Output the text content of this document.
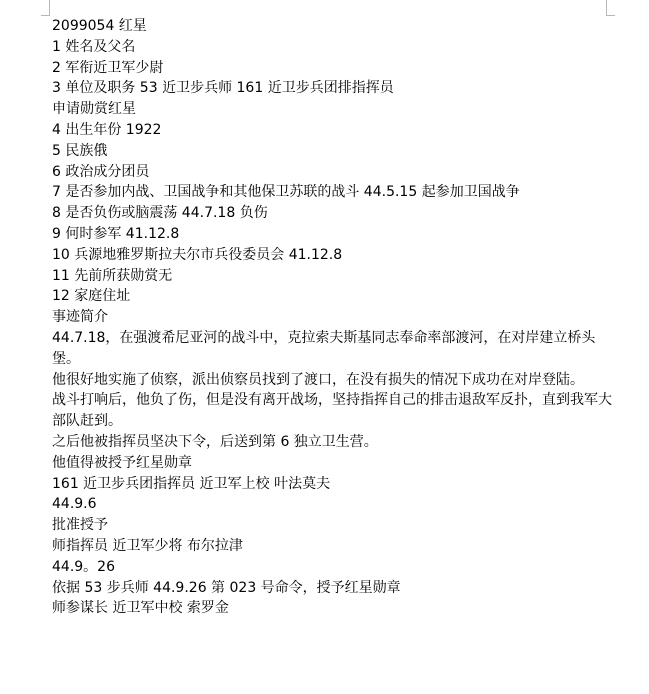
2099054 红星
1 姓名及父名
2 军衔近卫军少尉
3 单位及职务 53 近卫步兵师 161 近卫步兵团排指挥员
申请勋赏红星
4 出生年份 1922
5 民族俄
6 政治成分团员
7 是否参加内战、卫国战争和其他保卫苏联的战斗 44.5.15 起参加卫国战争
8 是否负伤或脑震荡 44.7.18 负伤
9 何时参军 41.12.8
10 兵源地雅罗斯拉夫尔市兵役委员会 41.12.8
11 先前所获勋赏无
12 家庭住址
事迹简介
44.7.18，在强渡希尼亚河的战斗中，克拉索夫斯基同志奉命率部渡河，在对岸建立桥头堡。
他很好地实施了侦察，派出侦察员找到了渡口，在没有损失的情况下成功在对岸登陆。
战斗打响后，他负了伤，但是没有离开战场，坚持指挥自己的排击退敌军反扑，直到我军大部队赶到。
之后他被指挥员坚决下令，后送到第 6 独立卫生营。
他值得被授予红星勋章
161 近卫步兵团指挥员 近卫军上校 叶法莫夫
44.9.6
批准授予
师指挥员 近卫军少将 布尔拉津
44.9。26
依据 53 步兵师 44.9.26 第 023 号命令，授予红星勋章
师参谋长 近卫军中校 索罗金
